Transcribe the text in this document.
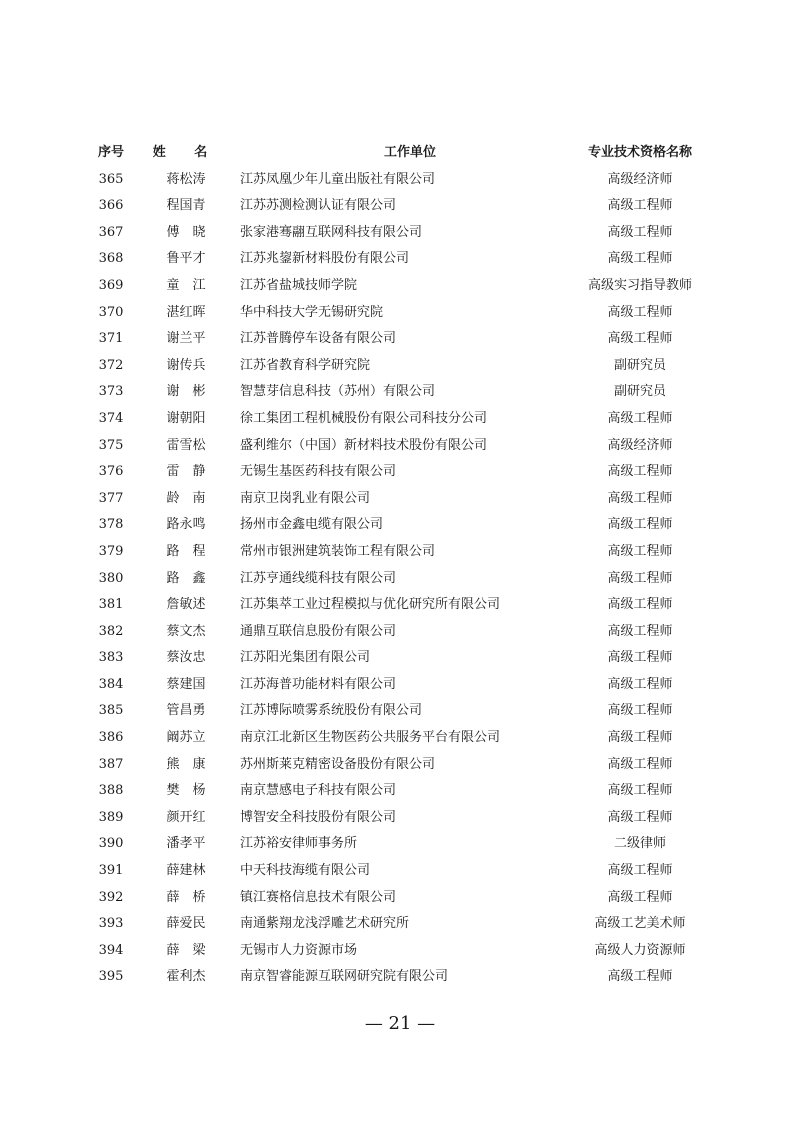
序号	姓 名	工作单位	专业技术资格名称
365	蒋松涛	江苏凤凰少年儿童出版社有限公司	高级经济师
366	程国青	江苏苏测检测认证有限公司	高级工程师
367	傅　晓	张家港骞翮互联网科技有限公司	高级工程师
368	鲁平才	江苏兆鋆新材料股份有限公司	高级工程师
369	童　江	江苏省盐城技师学院	高级实习指导教师
370	湛红晖	华中科技大学无锡研究院	高级工程师
371	谢兰平	江苏普腾停车设备有限公司	高级工程师
372	谢传兵	江苏省教育科学研究院	副研究员
373	谢　彬	智慧芽信息科技（苏州）有限公司	副研究员
374	谢朝阳	徐工集团工程机械股份有限公司科技分公司	高级工程师
375	雷雪松	盛利维尔（中国）新材料技术股份有限公司	高级经济师
376	雷　静	无锡生基医药科技有限公司	高级工程师
377	龄　南	南京卫岗乳业有限公司	高级工程师
378	路永鸣	扬州市金鑫电缆有限公司	高级工程师
379	路　程	常州市银洲建筑装饰工程有限公司	高级工程师
380	路　鑫	江苏亨通线缆科技有限公司	高级工程师
381	詹敏述	江苏集萃工业过程模拟与优化研究所有限公司	高级工程师
382	蔡文杰	通鼎互联信息股份有限公司	高级工程师
383	蔡汝忠	江苏阳光集团有限公司	高级工程师
384	蔡建国	江苏海普功能材料有限公司	高级工程师
385	管昌勇	江苏博际喷雾系统股份有限公司	高级工程师
386	阚苏立	南京江北新区生物医药公共服务平台有限公司	高级工程师
387	熊　康	苏州斯莱克精密设备股份有限公司	高级工程师
388	樊　杨	南京慧感电子科技有限公司	高级工程师
389	颜开红	博智安全科技股份有限公司	高级工程师
390	潘孝平	江苏裕安律师事务所	二级律师
391	薛建林	中天科技海缆有限公司	高级工程师
392	薛　桥	镇江赛格信息技术有限公司	高级工程师
393	薛爱民	南通紫翔龙浅浮雕艺术研究所	高级工艺美术师
394	薛　梁	无锡市人力资源市场	高级人力资源师
395	霍利杰	南京智睿能源互联网研究院有限公司	高级工程师
— 21 —
